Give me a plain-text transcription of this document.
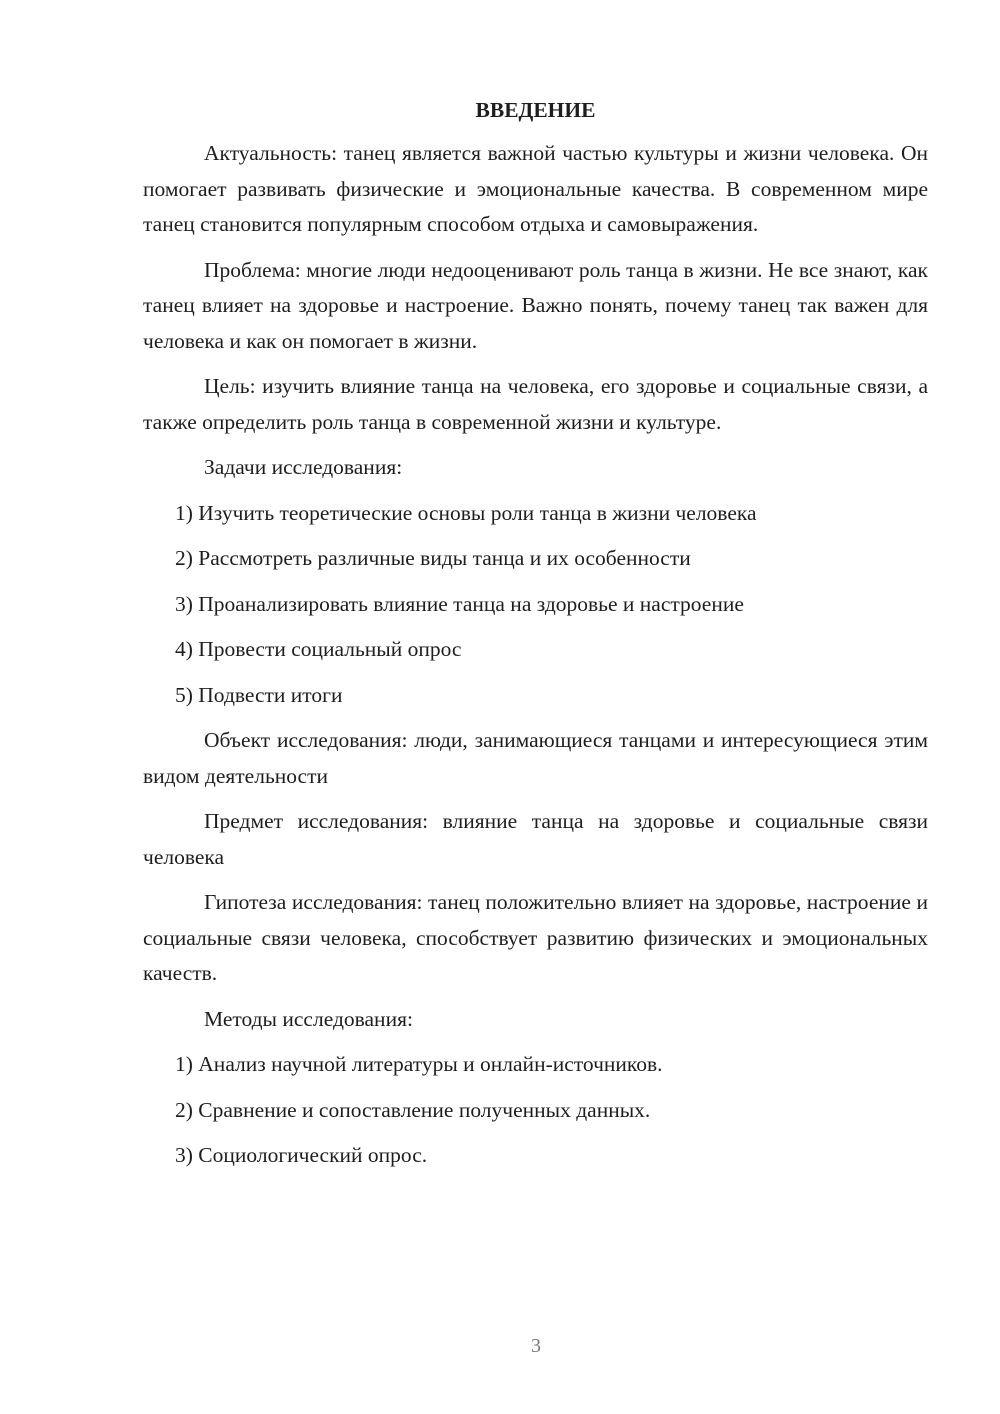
ВВЕДЕНИЕ
Актуальность: танец является важной частью культуры и жизни человека. Он помогает развивать физические и эмоциональные качества. В современном мире танец становится популярным способом отдыха и самовыражения.
Проблема: многие люди недооценивают роль танца в жизни. Не все знают, как танец влияет на здоровье и настроение. Важно понять, почему танец так важен для человека и как он помогает в жизни.
Цель: изучить влияние танца на человека, его здоровье и социальные связи, а также определить роль танца в современной жизни и культуре.
Задачи исследования:
1) Изучить теоретические основы роли танца в жизни человека
2) Рассмотреть различные виды танца и их особенности
3) Проанализировать влияние танца на здоровье и настроение
4) Провести социальный опрос
5) Подвести итоги
Объект исследования: люди, занимающиеся танцами и интересующиеся этим видом деятельности
Предмет исследования: влияние танца на здоровье и социальные связи человека
Гипотеза исследования: танец положительно влияет на здоровье, настроение и социальные связи человека, способствует развитию физических и эмоциональных качеств.
Методы исследования:
1) Анализ научной литературы и онлайн-источников.
2) Сравнение и сопоставление полученных данных.
3) Социологический опрос.
3
